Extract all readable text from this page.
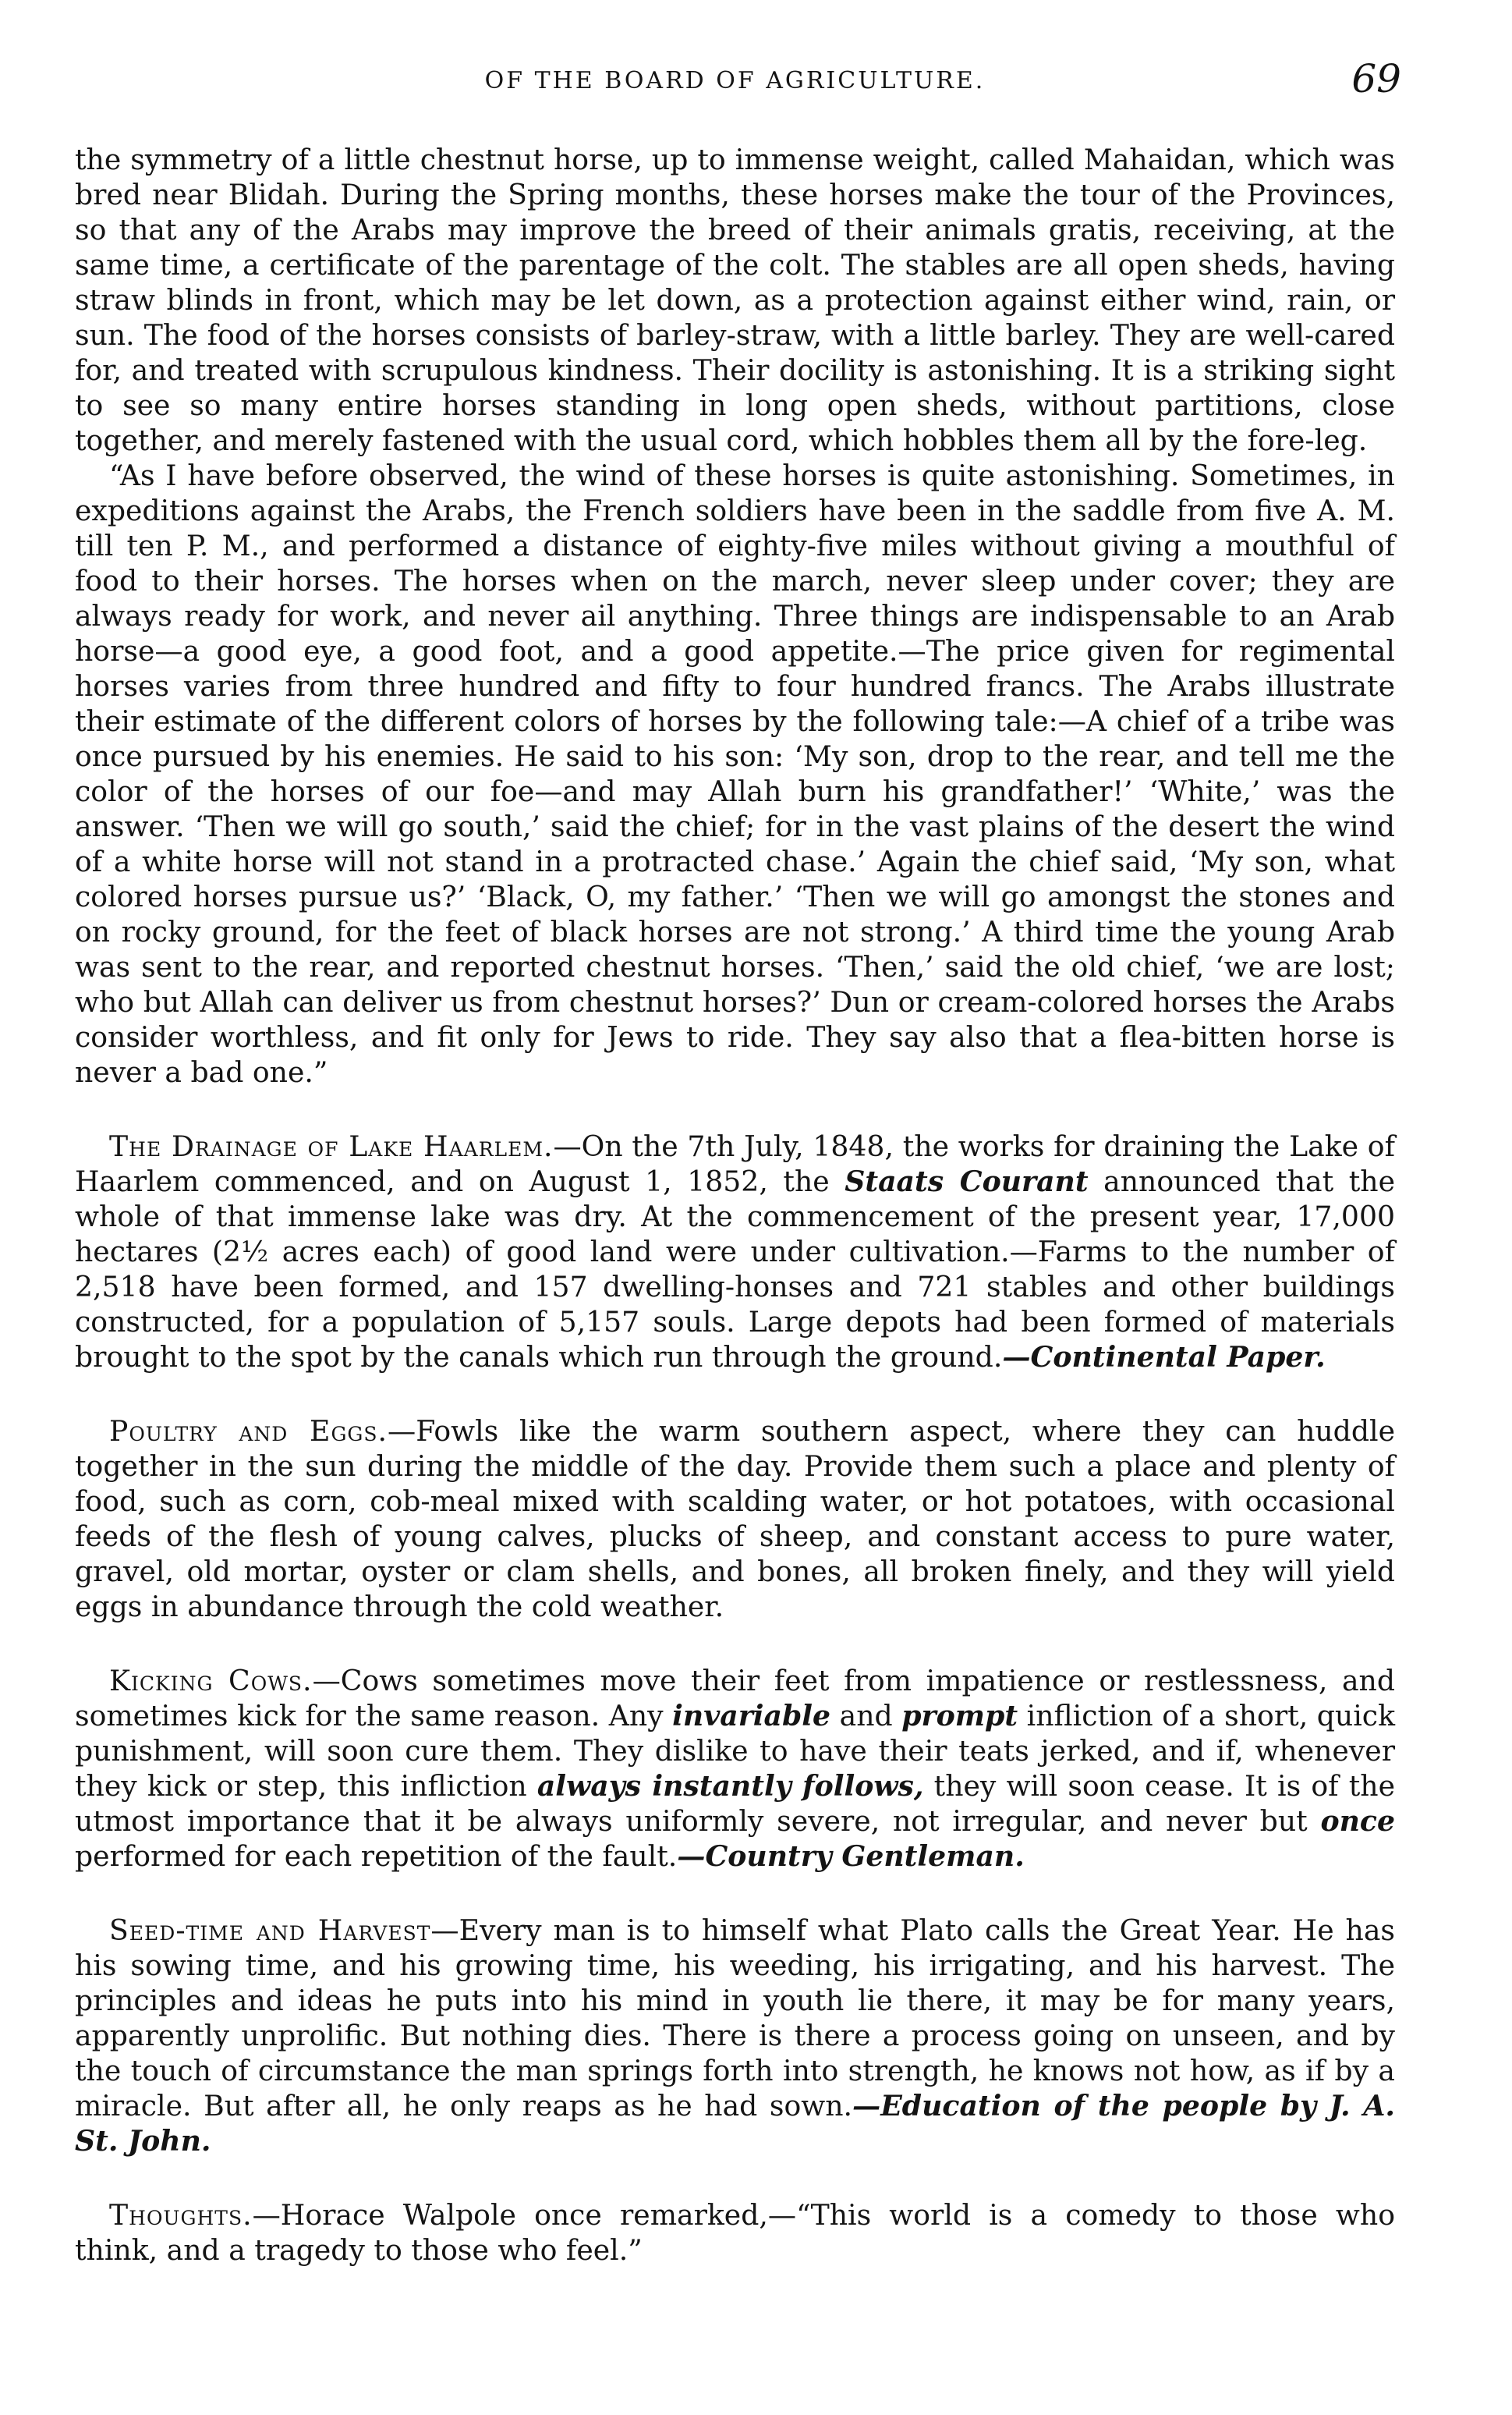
OF THE BOARD OF AGRICULTURE.	69

the symmetry of a little chestnut horse, up to immense weight, called Mahaidan, which was bred near Blidah. During the Spring months, these horses make the tour of the Provinces, so that any of the Arabs may improve the breed of their animals gratis, receiving, at the same time, a certificate of the parentage of the colt. The stables are all open sheds, having straw blinds in front, which may be let down, as a protection against either wind, rain, or sun. The food of the horses consists of barley-straw, with a little barley. They are well-cared for, and treated with scrupulous kindness. Their docility is astonishing. It is a striking sight to see so many entire horses standing in long open sheds, without partitions, close together, and merely fastened with the usual cord, which hobbles them all by the fore-leg.

“As I have before observed, the wind of these horses is quite astonishing. Sometimes, in expeditions against the Arabs, the French soldiers have been in the saddle from five A. M. till ten P. M., and performed a distance of eighty-five miles without giving a mouthful of food to their horses. The horses when on the march, never sleep under cover; they are always ready for work, and never ail anything. Three things are indispensable to an Arab horse—a good eye, a good foot, and a good appetite.—The price given for regimental horses varies from three hundred and fifty to four hundred francs. The Arabs illustrate their estimate of the different colors of horses by the following tale:—A chief of a tribe was once pursued by his enemies. He said to his son: ‘My son, drop to the rear, and tell me the color of the horses of our foe—and may Allah burn his grandfather!’ ‘White,’ was the answer. ‘Then we will go south,’ said the chief; for in the vast plains of the desert the wind of a white horse will not stand in a protracted chase.’ Again the chief said, ‘My son, what colored horses pursue us?’ ‘Black, O, my father.’ ‘Then we will go amongst the stones and on rocky ground, for the feet of black horses are not strong.’ A third time the young Arab was sent to the rear, and reported chestnut horses. ‘Then,’ said the old chief, ‘we are lost; who but Allah can deliver us from chestnut horses?’ Dun or cream-colored horses the Arabs consider worthless, and fit only for Jews to ride. They say also that a flea-bitten horse is never a bad one.”

The Drainage of Lake Haarlem.—On the 7th July, 1848, the works for draining the Lake of Haarlem commenced, and on August 1, 1852, the Staats Courant announced that the whole of that immense lake was dry. At the commencement of the present year, 17,000 hectares (2½ acres each) of good land were under cultivation.—Farms to the number of 2,518 have been formed, and 157 dwelling-honses and 721 stables and other buildings constructed, for a population of 5,157 souls. Large depots had been formed of materials brought to the spot by the canals which run through the ground.—Continental Paper.

Poultry and Eggs.—Fowls like the warm southern aspect, where they can huddle together in the sun during the middle of the day. Provide them such a place and plenty of food, such as corn, cob-meal mixed with scalding water, or hot potatoes, with occasional feeds of the flesh of young calves, plucks of sheep, and constant access to pure water, gravel, old mortar, oyster or clam shells, and bones, all broken finely, and they will yield eggs in abundance through the cold weather.

Kicking Cows.—Cows sometimes move their feet from impatience or restlessness, and sometimes kick for the same reason. Any invariable and prompt infliction of a short, quick punishment, will soon cure them. They dislike to have their teats jerked, and if, whenever they kick or step, this infliction always instantly follows, they will soon cease. It is of the utmost importance that it be always uniformly severe, not irregular, and never but once performed for each repetition of the fault.—Country Gentleman.

Seed-time and Harvest—Every man is to himself what Plato calls the Great Year. He has his sowing time, and his growing time, his weeding, his irrigating, and his harvest. The principles and ideas he puts into his mind in youth lie there, it may be for many years, apparently unprolific. But nothing dies. There is there a process going on unseen, and by the touch of circumstance the man springs forth into strength, he knows not how, as if by a miracle. But after all, he only reaps as he had sown.—Education of the people by J. A. St. John.

Thoughts.—Horace Walpole once remarked,—“This world is a comedy to those who think, and a tragedy to those who feel.”
